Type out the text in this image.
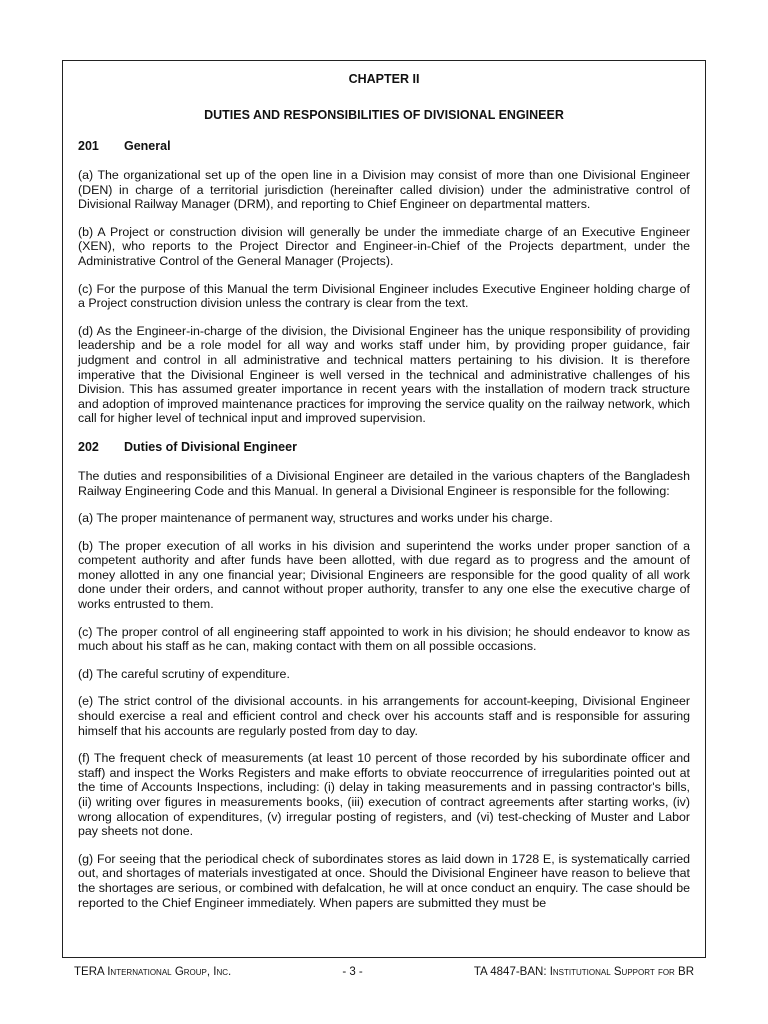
CHAPTER II
DUTIES AND RESPONSIBILITIES OF DIVISIONAL ENGINEER
201	General

(a) The organizational set up of the open line in a Division may consist of more than one Divisional Engineer (DEN) in charge of a territorial jurisdiction (hereinafter called division) under the administrative control of Divisional Railway Manager (DRM), and reporting to Chief Engineer on departmental matters.

(b) A Project or construction division will generally be under the immediate charge of an Executive Engineer (XEN), who reports to the Project Director and Engineer-in-Chief of the Projects department, under the Administrative Control of the General Manager (Projects).

(c) For the purpose of this Manual the term Divisional Engineer includes Executive Engineer holding charge of a Project construction division unless the contrary is clear from the text.

(d) As the Engineer-in-charge of the division, the Divisional Engineer has the unique responsibility of providing leadership and be a role model for all way and works staff under him, by providing proper guidance, fair judgment and control in all administrative and technical matters pertaining to his division. It is therefore imperative that the Divisional Engineer is well versed in the technical and administrative challenges of his Division. This has assumed greater importance in recent years with the installation of modern track structure and adoption of improved maintenance practices for improving the service quality on the railway network, which call for higher level of technical input and improved supervision.

202	Duties of Divisional Engineer

The duties and responsibilities of a Divisional Engineer are detailed in the various chapters of the Bangladesh Railway Engineering Code and this Manual. In general a Divisional Engineer is responsible for the following:

(a) The proper maintenance of permanent way, structures and works under his charge.

(b) The proper execution of all works in his division and superintend the works under proper sanction of a competent authority and after funds have been allotted, with due regard as to progress and the amount of money allotted in any one financial year; Divisional Engineers are responsible for the good quality of all work done under their orders, and cannot without proper authority, transfer to any one else the executive charge of works entrusted to them.

(c) The proper control of all engineering staff appointed to work in his division; he should endeavor to know as much about his staff as he can, making contact with them on all possible occasions.

(d) The careful scrutiny of expenditure.

(e) The strict control of the divisional accounts. in his arrangements for account-keeping, Divisional Engineer should exercise a real and efficient control and check over his accounts staff and is responsible for assuring himself that his accounts are regularly posted from day to day.

(f) The frequent check of measurements (at least 10 percent of those recorded by his subordinate officer and staff) and inspect the Works Registers and make efforts to obviate reoccurrence of irregularities pointed out at the time of Accounts Inspections, including: (i) delay in taking measurements and in passing contractor's bills, (ii) writing over figures in measurements books, (iii) execution of contract agreements after starting works, (iv) wrong allocation of expenditures, (v) irregular posting of registers, and (vi) test-checking of Muster and Labor pay sheets not done.

(g) For seeing that the periodical check of subordinates stores as laid down in 1728 E, is systematically carried out, and shortages of materials investigated at once. Should the Divisional Engineer have reason to believe that the shortages are serious, or combined with defalcation, he will at once conduct an enquiry. The case should be reported to the Chief Engineer immediately. When papers are submitted they must be

TERA International Group, Inc.	- 3 -	TA 4847-BAN: Institutional Support for BR
